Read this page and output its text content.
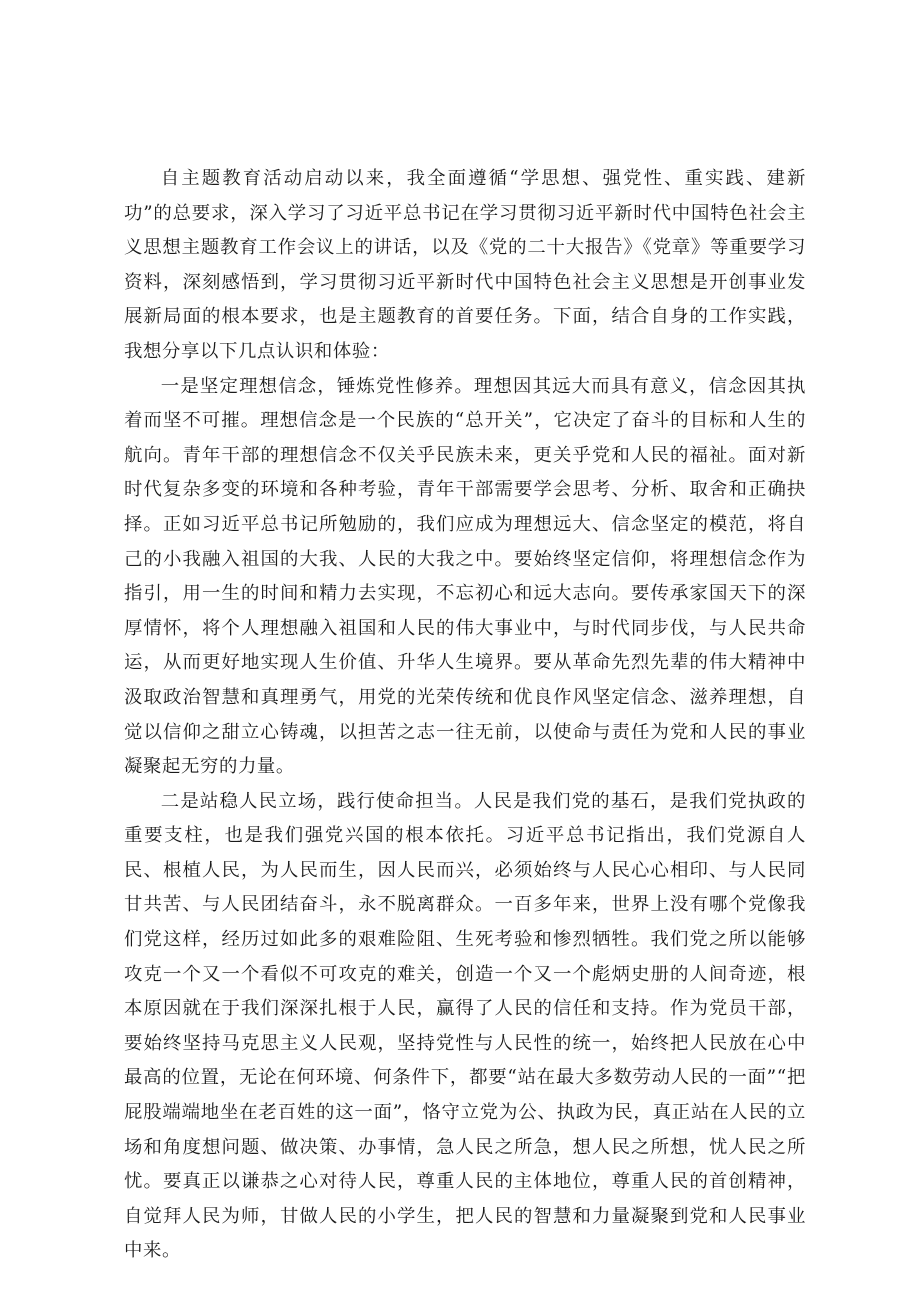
自主题教育活动启动以来，我全面遵循“学思想、强党性、重实践、建新功”的总要求，深入学习了习近平总书记在学习贯彻习近平新时代中国特色社会主义思想主题教育工作会议上的讲话，以及《党的二十大报告》《党章》等重要学习资料，深刻感悟到，学习贯彻习近平新时代中国特色社会主义思想是开创事业发展新局面的根本要求，也是主题教育的首要任务。下面，结合自身的工作实践，我想分享以下几点认识和体验：

一是坚定理想信念，锤炼党性修养。理想因其远大而具有意义，信念因其执着而坚不可摧。理想信念是一个民族的“总开关”，它决定了奋斗的目标和人生的航向。青年干部的理想信念不仅关乎民族未来，更关乎党和人民的福祉。面对新时代复杂多变的环境和各种考验，青年干部需要学会思考、分析、取舍和正确抉择。正如习近平总书记所勉励的，我们应成为理想远大、信念坚定的模范，将自己的小我融入祖国的大我、人民的大我之中。要始终坚定信仰，将理想信念作为指引，用一生的时间和精力去实现，不忘初心和远大志向。要传承家国天下的深厚情怀，将个人理想融入祖国和人民的伟大事业中，与时代同步伐，与人民共命运，从而更好地实现人生价值、升华人生境界。要从革命先烈先辈的伟大精神中汲取政治智慧和真理勇气，用党的光荣传统和优良作风坚定信念、滋养理想，自觉以信仰之甜立心铸魂，以担苦之志一往无前，以使命与责任为党和人民的事业凝聚起无穷的力量。

二是站稳人民立场，践行使命担当。人民是我们党的基石，是我们党执政的重要支柱，也是我们强党兴国的根本依托。习近平总书记指出，我们党源自人民、根植人民，为人民而生，因人民而兴，必须始终与人民心心相印、与人民同甘共苦、与人民团结奋斗，永不脱离群众。一百多年来，世界上没有哪个党像我们党这样，经历过如此多的艰难险阻、生死考验和惨烈牺牲。我们党之所以能够攻克一个又一个看似不可攻克的难关，创造一个又一个彪炳史册的人间奇迹，根本原因就在于我们深深扎根于人民，赢得了人民的信任和支持。作为党员干部，要始终坚持马克思主义人民观，坚持党性与人民性的统一，始终把人民放在心中最高的位置，无论在何环境、何条件下，都要“站在最大多数劳动人民的一面”“把屁股端端地坐在老百姓的这一面”，恪守立党为公、执政为民，真正站在人民的立场和角度想问题、做决策、办事情，急人民之所急，想人民之所想，忧人民之所忧。要真正以谦恭之心对待人民，尊重人民的主体地位，尊重人民的首创精神，自觉拜人民为师，甘做人民的小学生，把人民的智慧和力量凝聚到党和人民事业中来。
